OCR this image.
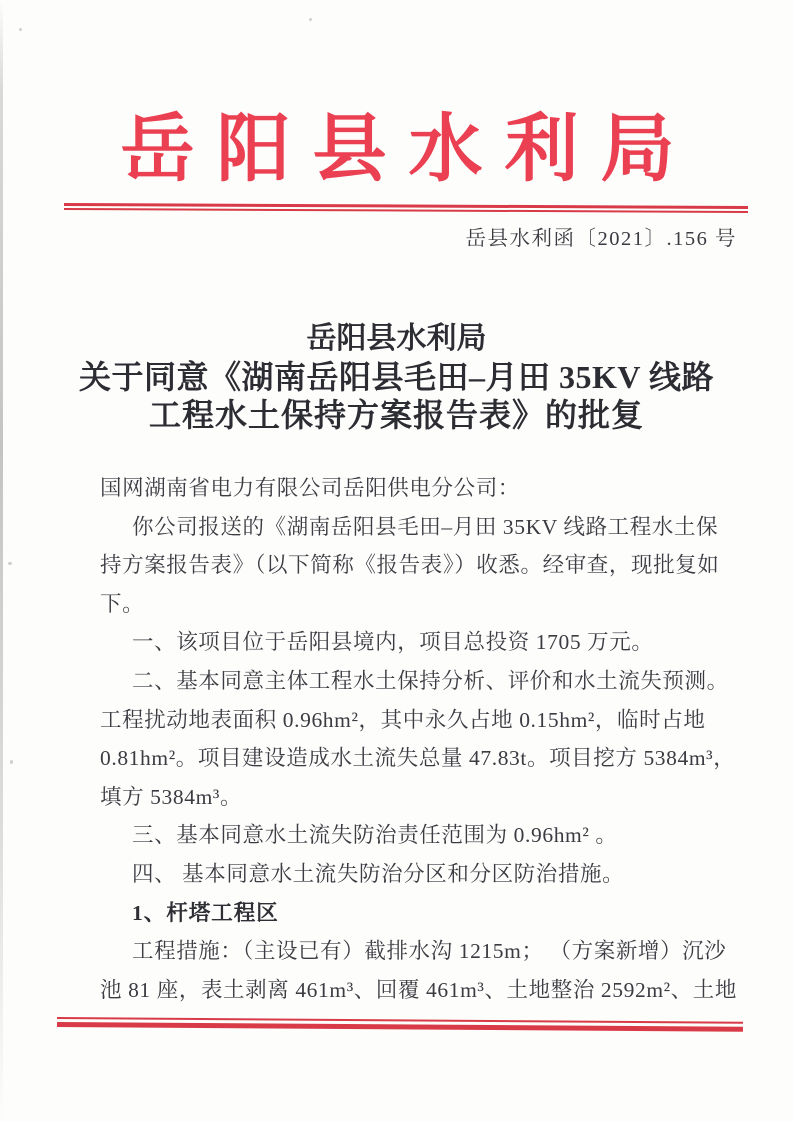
岳阳县水利局
岳县水利函〔2021〕.156 号
岳阳县水利局
关于同意《湖南岳阳县毛田–月田 35KV 线路
工程水土保持方案报告表》的批复
国网湖南省电力有限公司岳阳供电分公司：
你公司报送的《湖南岳阳县毛田–月田 35KV 线路工程水土保
持方案报告表》（以下简称《报告表》）收悉。经审查，现批复如
下。
一、该项目位于岳阳县境内，项目总投资 1705 万元。
二、基本同意主体工程水土保持分析、评价和水土流失预测。
工程扰动地表面积 0.96hm²，其中永久占地 0.15hm²，临时占地
0.81hm²。项目建设造成水土流失总量 47.83t。项目挖方 5384m³，
填方 5384m³。
三、基本同意水土流失防治责任范围为 0.96hm² 。
四、 基本同意水土流失防治分区和分区防治措施。
1、杆塔工程区
工程措施：（主设已有）截排水沟 1215m； （方案新增）沉沙
池 81 座，表土剥离 461m³、回覆 461m³、土地整治 2592m²、土地
